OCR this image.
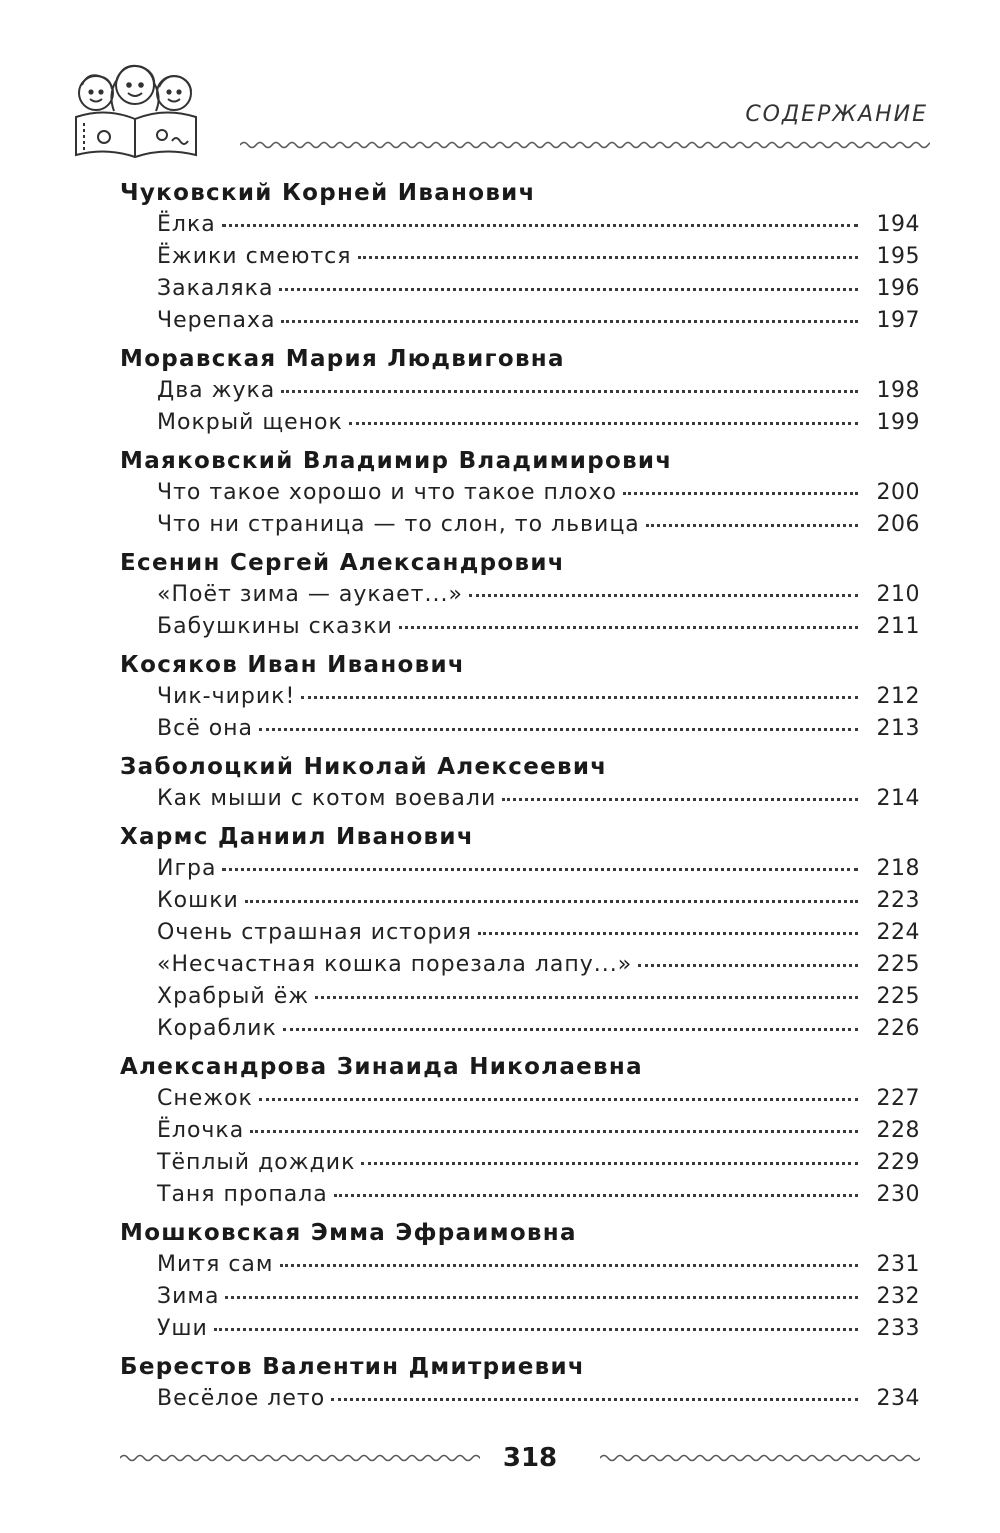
СОДЕРЖАНИЕ
Чуковский Корней Иванович
Ёлка	194
Ёжики смеются	195
Закаляка	196
Черепаха	197
Моравская Мария Людвиговна
Два жука	198
Мокрый щенок	199
Маяковский Владимир Владимирович
Что такое хорошо и что такое плохо	200
Что ни страница — то слон, то львица	206
Есенин Сергей Александрович
«Поёт зима — аукает...»	210
Бабушкины сказки	211
Косяков Иван Иванович
Чик-чирик!	212
Всё она	213
Заболоцкий Николай Алексеевич
Как мыши с котом воевали	214
Хармс Даниил Иванович
Игра	218
Кошки	223
Очень страшная история	224
«Несчастная кошка порезала лапу...»	225
Храбрый ёж	225
Кораблик	226
Александрова Зинаида Николаевна
Снежок	227
Ёлочка	228
Тёплый дождик	229
Таня пропала	230
Мошковская Эмма Эфраимовна
Митя сам	231
Зима	232
Уши	233
Берестов Валентин Дмитриевич
Весёлое лето	234
318
